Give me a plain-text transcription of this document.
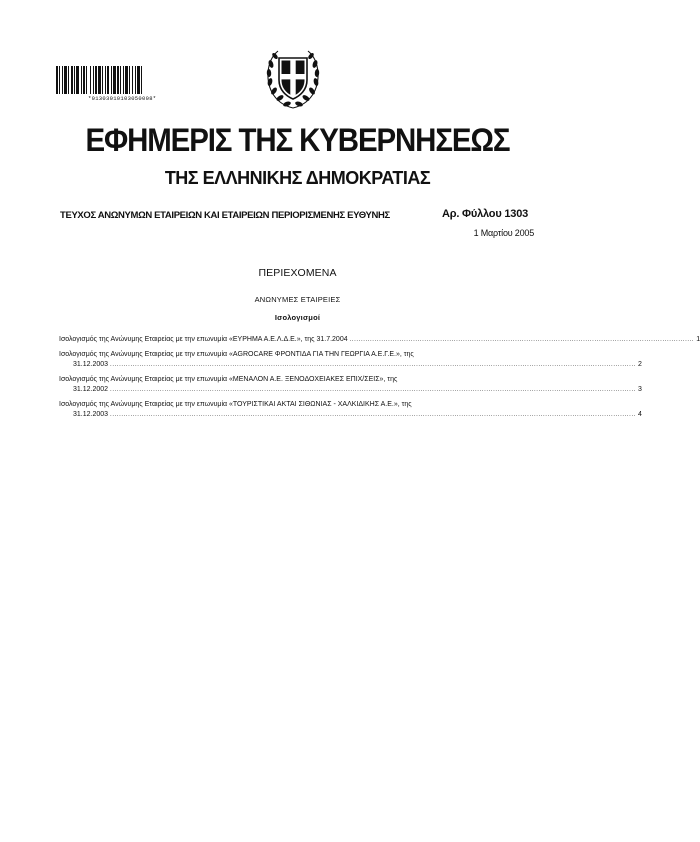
*01303010103050008*
ΕΦΗΜΕΡΙΣ ΤΗΣ ΚΥΒΕΡΝΗΣΕΩΣ
ΤΗΣ ΕΛΛΗΝΙΚΗΣ ΔΗΜΟΚΡΑΤΙΑΣ
ΤΕΥΧΟΣ ΑΝΩΝΥΜΩΝ ΕΤΑΙΡΕΙΩΝ ΚΑΙ ΕΤΑΙΡΕΙΩΝ ΠΕΡΙΟΡΙΣΜΕΝΗΣ ΕΥΘΥΝΗΣ	Αρ. Φύλλου 1303
1 Μαρτίου 2005
ΠΕΡΙΕΧΟΜΕΝΑ
ΑΝΩΝΥΜΕΣ ΕΤΑΙΡΕΙΕΣ
Ισολογισμοί
Ισολογισμός της Ανώνυμης Εταιρείας με την επωνυμία «ΕΥΡΗΜΑ Α.Ε.Λ.Δ.Ε.», της 31.7.2004 ........................................................................................................................................................ 1
Ισολογισμός της Ανώνυμης Εταιρείας με την επωνυμία «AGROCARE ΦΡΟΝΤΙΔΑ ΓΙΑ ΤΗΝ ΓΕΩΡΓΙΑ Α.Ε.Γ.Ε.», της
31.12.2003 ........................................................................................................................................................................................................................................ 2
Ισολογισμός της Ανώνυμης Εταιρείας με την επωνυμία «ΜΕΝΑΛΟΝ Α.Ε. ΞΕΝΟΔΟΧΕΙΑΚΕΣ ΕΠΙΧ/ΣΕΙΣ», της
31.12.2002 ........................................................................................................................................................................................................................................ 3
Ισολογισμός της Ανώνυμης Εταιρείας με την επωνυμία «ΤΟΥΡΙΣΤΙΚΑΙ ΑΚΤΑΙ ΣΙΘΩΝΙΑΣ - ΧΑΛΚΙΔΙΚΗΣ Α.Ε.», της
31.12.2003 ........................................................................................................................................................................................................................................ 4
